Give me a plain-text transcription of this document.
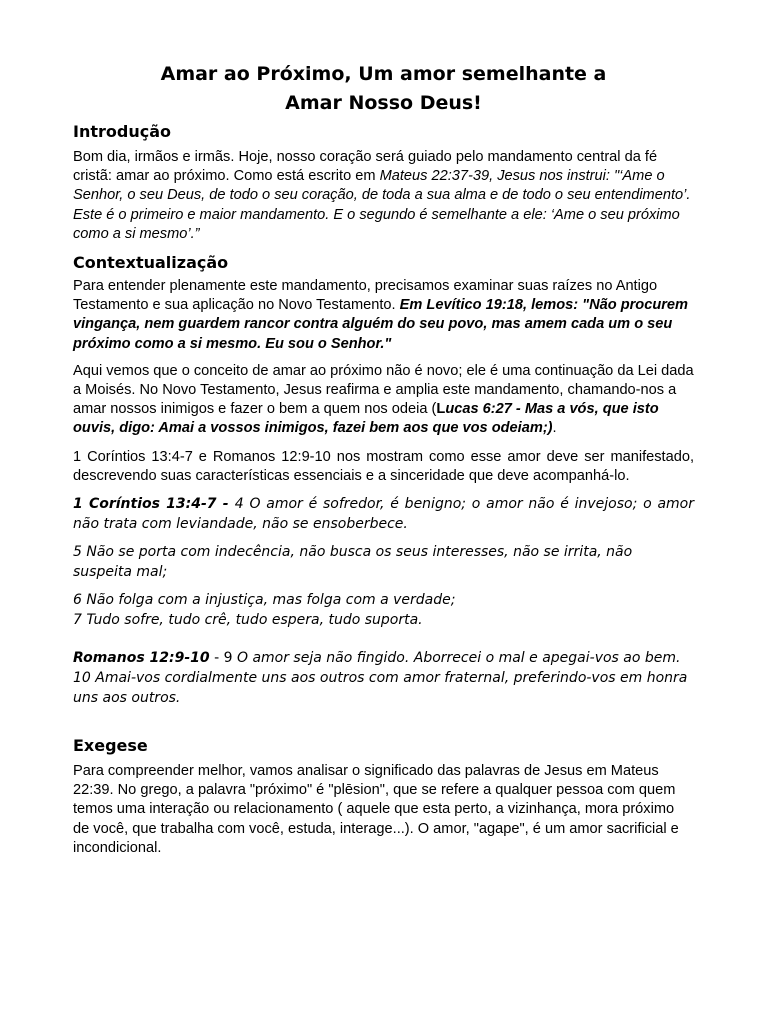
Amar ao Próximo, Um amor semelhante a
Amar Nosso Deus!
Introdução

Bom dia, irmãos e irmãs. Hoje, nosso coração será guiado pelo mandamento central da fé cristã: amar ao próximo. Como está escrito em Mateus 22:37-39, Jesus nos instrui: "‘Ame o Senhor, o seu Deus, de todo o seu coração, de toda a sua alma e de todo o seu entendimento’. Este é o primeiro e maior mandamento. E o segundo é semelhante a ele: ‘Ame o seu próximo como a si mesmo’.”

Contextualização

Para entender plenamente este mandamento, precisamos examinar suas raízes no Antigo Testamento e sua aplicação no Novo Testamento. Em Levítico 19:18, lemos: "Não procurem vingança, nem guardem rancor contra alguém do seu povo, mas amem cada um o seu próximo como a si mesmo. Eu sou o Senhor."

Aqui vemos que o conceito de amar ao próximo não é novo; ele é uma continuação da Lei dada a Moisés. No Novo Testamento, Jesus reafirma e amplia este mandamento, chamando-nos a amar nossos inimigos e fazer o bem a quem nos odeia (Lucas 6:27 - Mas a vós, que isto ouvis, digo: Amai a vossos inimigos, fazei bem aos que vos odeiam;).

1 Coríntios 13:4-7 e Romanos 12:9-10 nos mostram como esse amor deve ser manifestado, descrevendo suas características essenciais e a sinceridade que deve acompanhá-lo.

1 Coríntios 13:4-7 - 4 O amor é sofredor, é benigno; o amor não é invejoso; o amor não trata com leviandade, não se ensoberbece.

5 Não se porta com indecência, não busca os seus interesses, não se irrita, não suspeita mal;

6 Não folga com a injustiça, mas folga com a verdade;

7 Tudo sofre, tudo crê, tudo espera, tudo suporta.

Romanos 12:9-10 - 9 O amor seja não fingido. Aborrecei o mal e apegai-vos ao bem.

10 Amai-vos cordialmente uns aos outros com amor fraternal, preferindo-vos em honra uns aos outros.

Exegese

Para compreender melhor, vamos analisar o significado das palavras de Jesus em Mateus 22:39. No grego, a palavra "próximo" é "plēsion", que se refere a qualquer pessoa com quem temos uma interação ou relacionamento ( aquele que esta perto, a vizinhança, mora próximo de você, que trabalha com você, estuda, interage...). O amor, "agape", é um amor sacrificial e incondicional.
